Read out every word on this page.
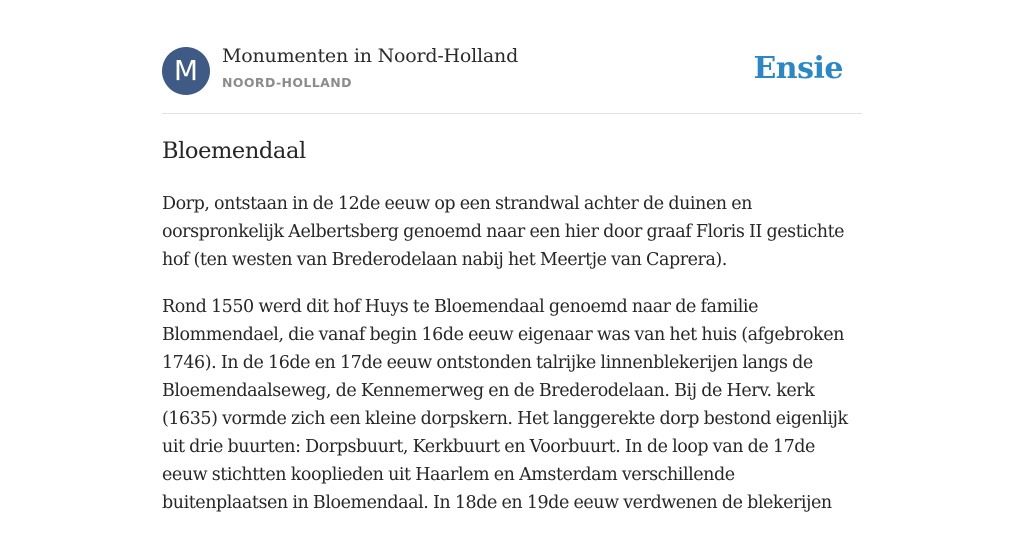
M	Monumenten in Noord-Holland
NOORD-HOLLAND	Ensie
Bloemendaal

Dorp, ontstaan in de 12de eeuw op een strandwal achter de duinen en oorspronkelijk Aelbertsberg genoemd naar een hier door graaf Floris II gestichte hof (ten westen van Brederodelaan nabij het Meertje van Caprera).

Rond 1550 werd dit hof Huys te Bloemendaal genoemd naar de familie Blommendael, die vanaf begin 16de eeuw eigenaar was van het huis (afgebroken 1746). In de 16de en 17de eeuw ontstonden talrijke linnenblekerijen langs de Bloemendaalseweg, de Kennemerweg en de Brederodelaan. Bij de Herv. kerk (1635) vormde zich een kleine dorpskern. Het langgerekte dorp bestond eigenlijk uit drie buurten: Dorpsbuurt, Kerkbuurt en Voorbuurt. In de loop van de 17de eeuw stichtten kooplieden uit Haarlem en Amsterdam verschillende buitenplaatsen in Bloemendaal. In 18de en 19de eeuw verdwenen de blekerijen
